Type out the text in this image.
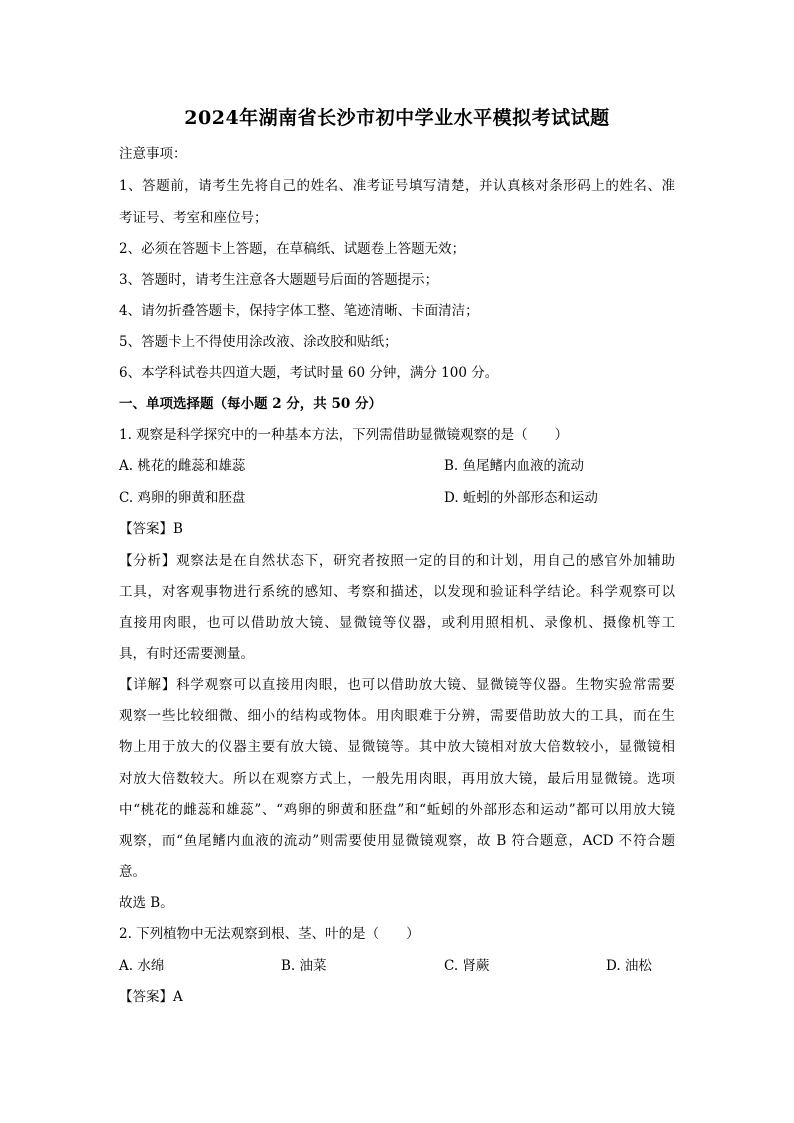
2024年湖南省长沙市初中学业水平模拟考试试题
注意事项：
1、答题前，请考生先将自己的姓名、准考证号填写清楚，并认真核对条形码上的姓名、准
考证号、考室和座位号；
2、必须在答题卡上答题，在草稿纸、试题卷上答题无效；
3、答题时，请考生注意各大题题号后面的答题提示；
4、请勿折叠答题卡，保持字体工整、笔迹清晰、卡面清洁；
5、答题卡上不得使用涂改液、涂改胶和贴纸；
6、本学科试卷共四道大题，考试时量 60 分钟，满分 100 分。
一、单项选择题（每小题 2 分，共 50 分）
1. 观察是科学探究中的一种基本方法，下列需借助显微镜观察的是（　　）
A. 桃花的雌蕊和雄蕊	B. 鱼尾鳍内血液的流动
C. 鸡卵的卵黄和胚盘	D. 蚯蚓的外部形态和运动
【答案】B
【分析】观察法是在自然状态下，研究者按照一定的目的和计划，用自己的感官外加辅助
工具，对客观事物进行系统的感知、考察和描述，以发现和验证科学结论。科学观察可以
直接用肉眼，也可以借助放大镜、显微镜等仪器，或利用照相机、录像机、摄像机等工
具，有时还需要测量。
【详解】科学观察可以直接用肉眼，也可以借助放大镜、显微镜等仪器。生物实验常需要
观察一些比较细微、细小的结构或物体。用肉眼难于分辨，需要借助放大的工具，而在生
物上用于放大的仪器主要有放大镜、显微镜等。其中放大镜相对放大倍数较小，显微镜相
对放大倍数较大。所以在观察方式上，一般先用肉眼，再用放大镜，最后用显微镜。选项
中“桃花的雌蕊和雄蕊”、“鸡卵的卵黄和胚盘”和“蚯蚓的外部形态和运动”都可以用放大镜
观察，而“鱼尾鳍内血液的流动”则需要使用显微镜观察，故 B 符合题意，ACD 不符合题
意。
故选 B。
2. 下列植物中无法观察到根、茎、叶的是（　　）
A. 水绵	B. 油菜	C. 肾蕨	D. 油松
【答案】A
